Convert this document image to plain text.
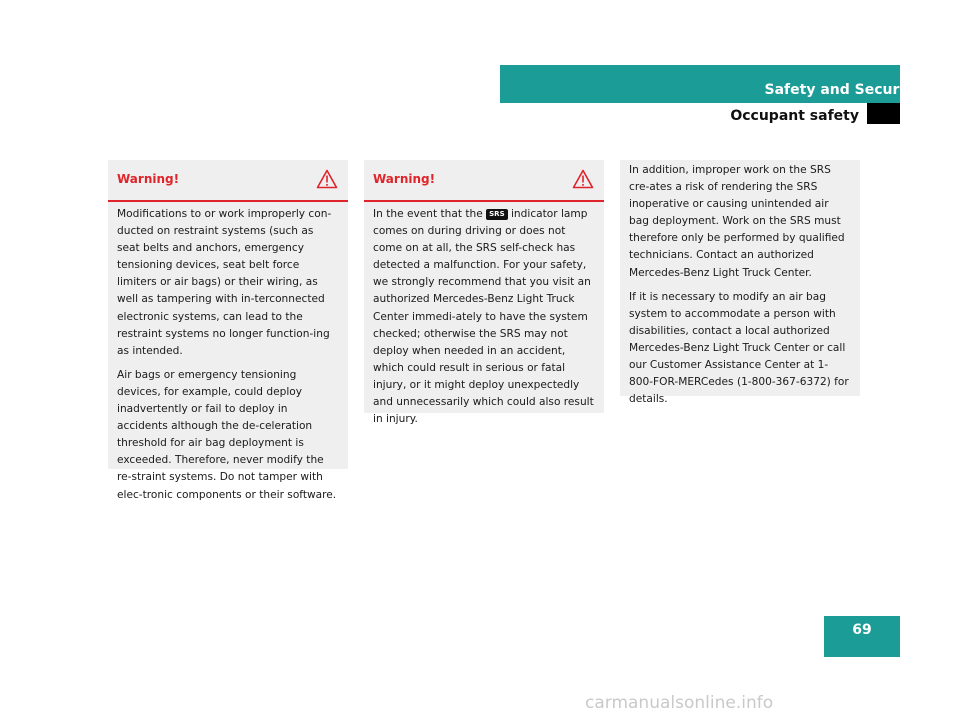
Safety and Security
Occupant safety
Warning!

Modifications to or work improperly con-ducted on restraint systems (such as seat belts and anchors, emergency tensioning devices, seat belt force limiters or air bags) or their wiring, as well as tampering with in-terconnected electronic systems, can lead to the restraint systems no longer function-ing as intended.

Air bags or emergency tensioning devices, for example, could deploy inadvertently or fail to deploy in accidents although the de-celeration threshold for air bag deployment is exceeded. Therefore, never modify the re-straint systems. Do not tamper with elec-tronic components or their software.

Warning!

In the event that the SRS indicator lamp comes on during driving or does not come on at all, the SRS self-check has detected a malfunction. For your safety, we strongly recommend that you visit an authorized Mercedes-Benz Light Truck Center immedi-ately to have the system checked; otherwise the SRS may not deploy when needed in an accident, which could result in serious or fatal injury, or it might deploy unexpectedly and unnecessarily which could also result in injury.

In addition, improper work on the SRS cre-ates a risk of rendering the SRS inoperative or causing unintended air bag deployment. Work on the SRS must therefore only be performed by qualified technicians. Contact an authorized Mercedes-Benz Light Truck Center.

If it is necessary to modify an air bag system to accommodate a person with disabilities, contact a local authorized Mercedes-Benz Light Truck Center or call our Customer Assistance Center at 1-800-FOR-MERCedes (1-800-367-6372) for details.

69
carmanualsonline.info
